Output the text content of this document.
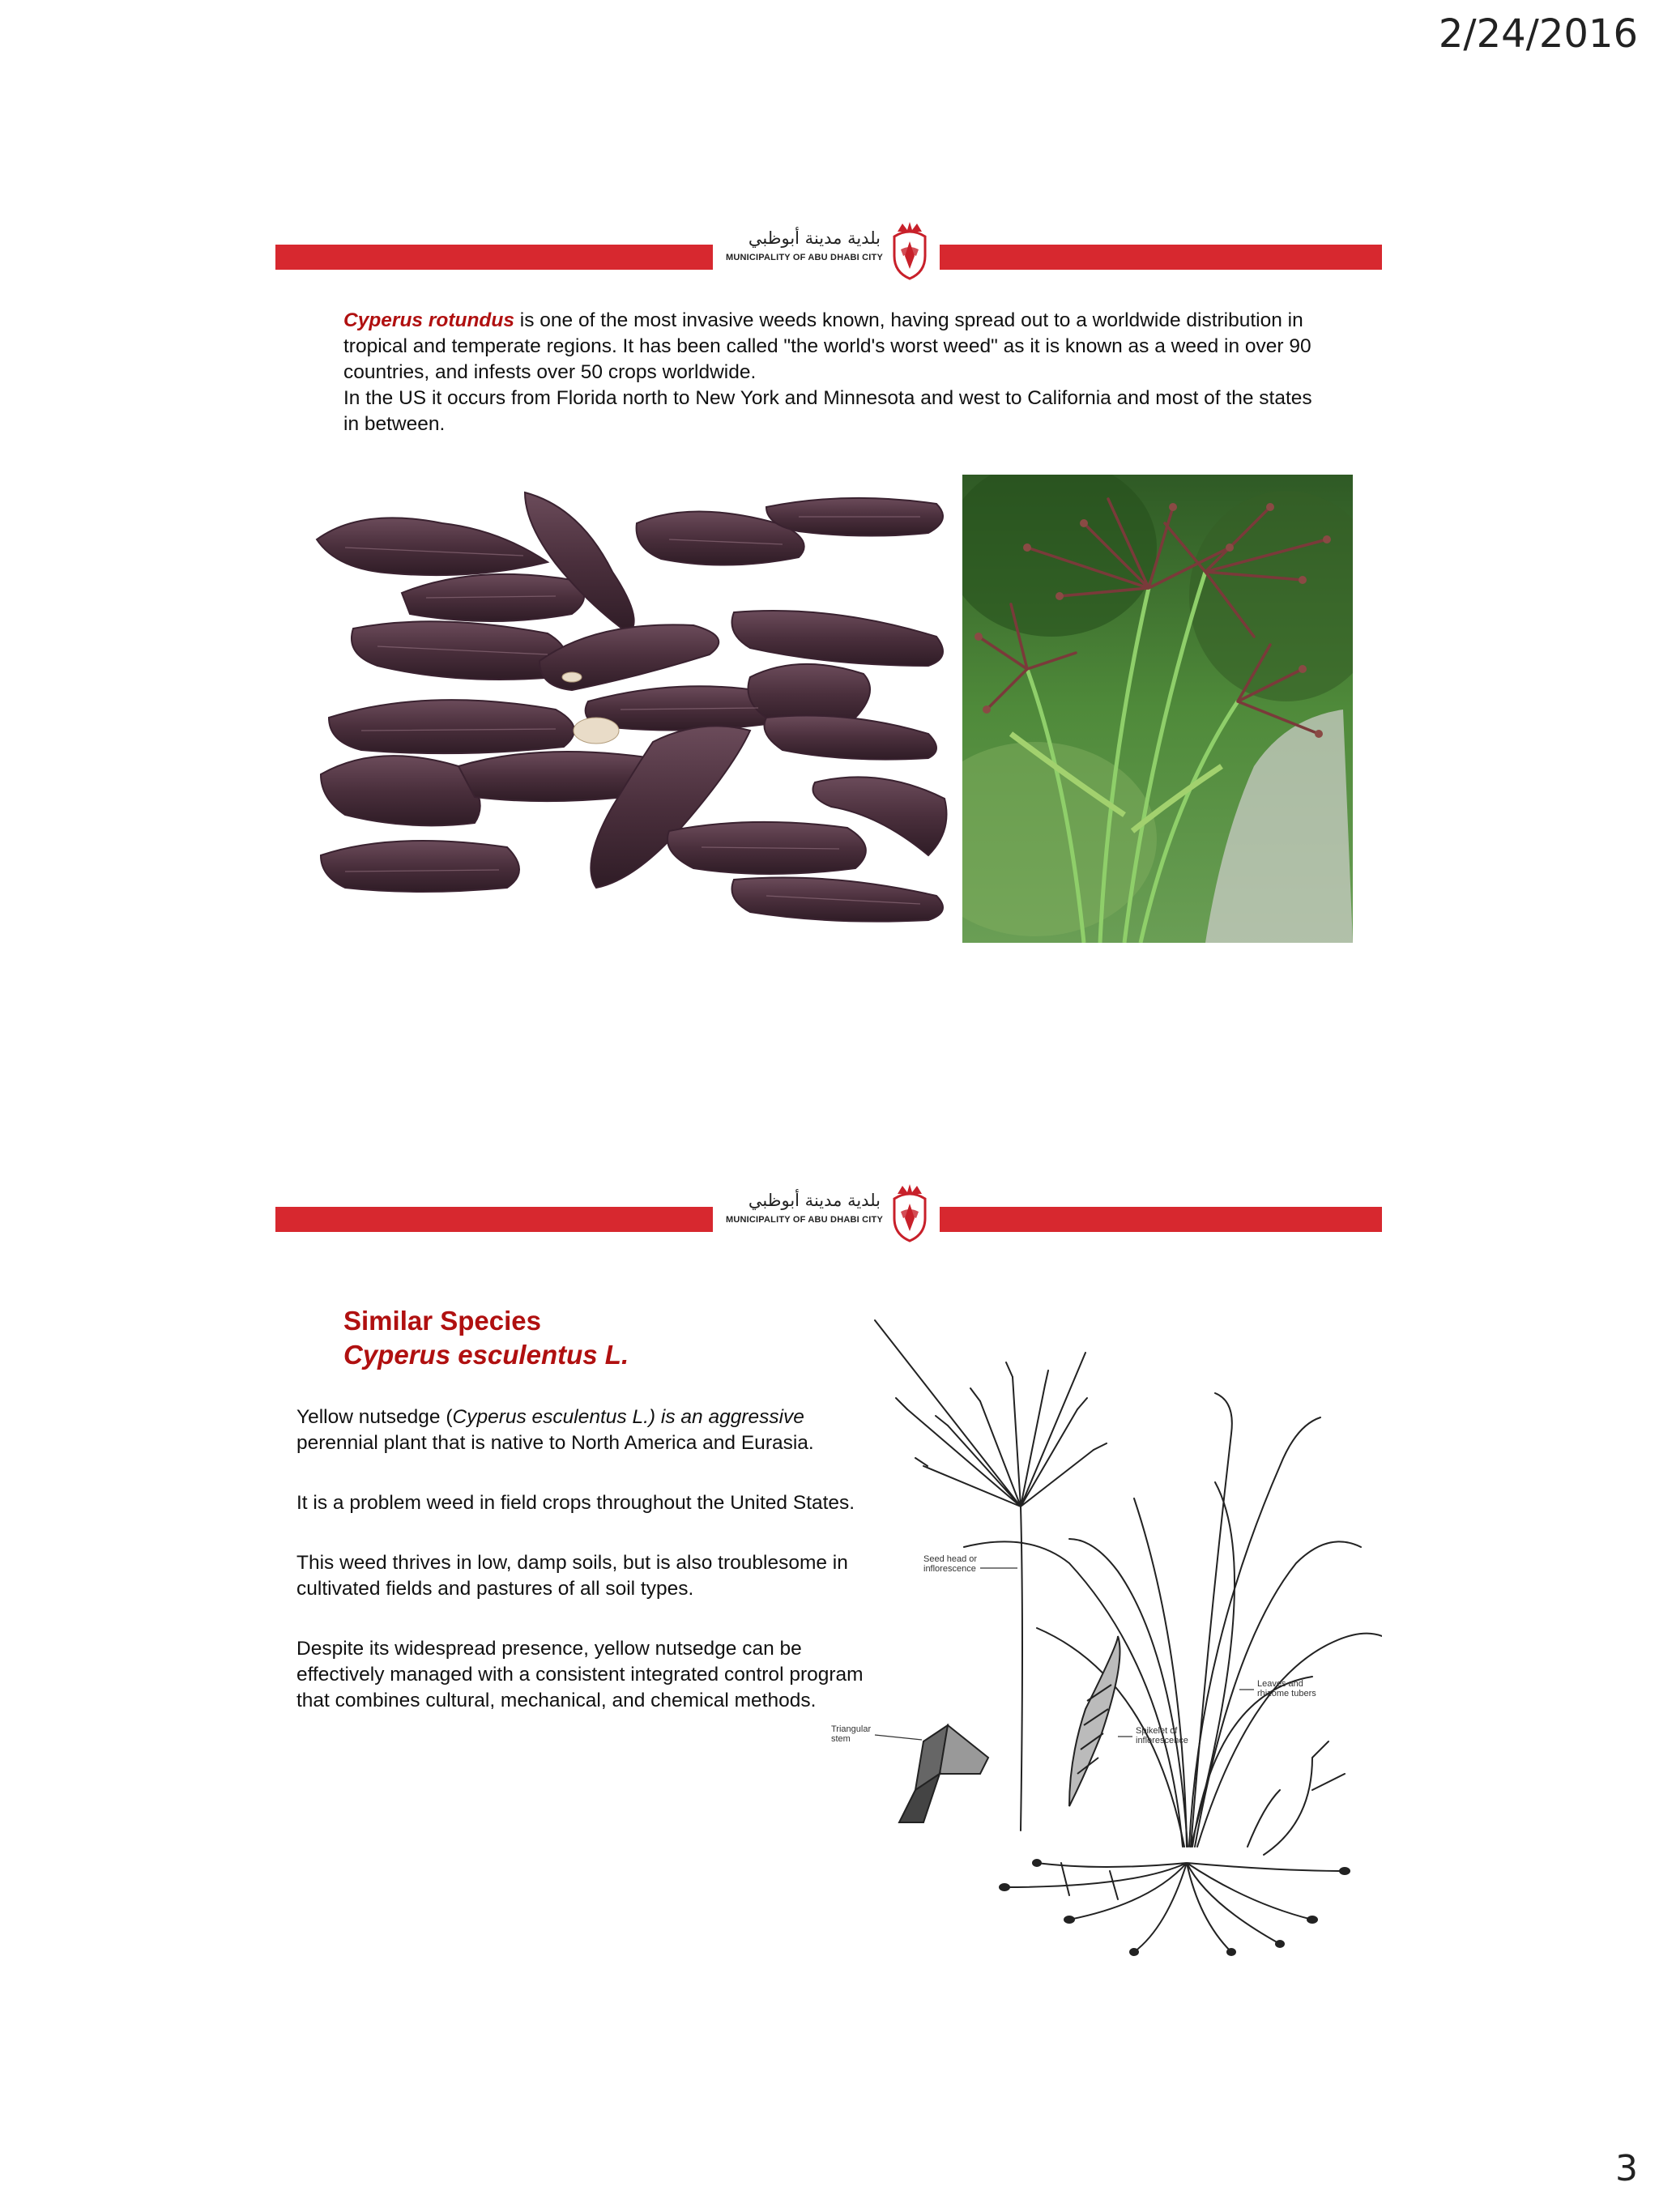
2/24/2016
بلدية مدينة أبوظبي
MUNICIPALITY OF ABU DHABI CITY
Cyperus rotundus is one of the most invasive weeds known, having spread out to a worldwide distribution in tropical and temperate regions. It has been called "the world's worst weed" as it is known as a weed in over 90 countries, and infests over 50 crops worldwide.
In the US it occurs from Florida north to New York and Minnesota and west to California and most of the states in between.
بلدية مدينة أبوظبي
MUNICIPALITY OF ABU DHABI CITY
Similar Species
Cyperus esculentus L.

Yellow nutsedge (Cyperus esculentus L.) is an aggressive perennial plant that is native to North America and Eurasia.

It is a problem weed in field crops throughout the United States.

This weed thrives in low, damp soils, but is also troublesome in cultivated fields and pastures of all soil types.

Despite its widespread presence, yellow nutsedge can be effectively managed with a consistent integrated control program that combines cultural, mechanical, and chemical methods.

Seed head or
inflorescence
Triangular
stem
Spikelet of
inflorescence
Leaves and
rhizome tubers
3
